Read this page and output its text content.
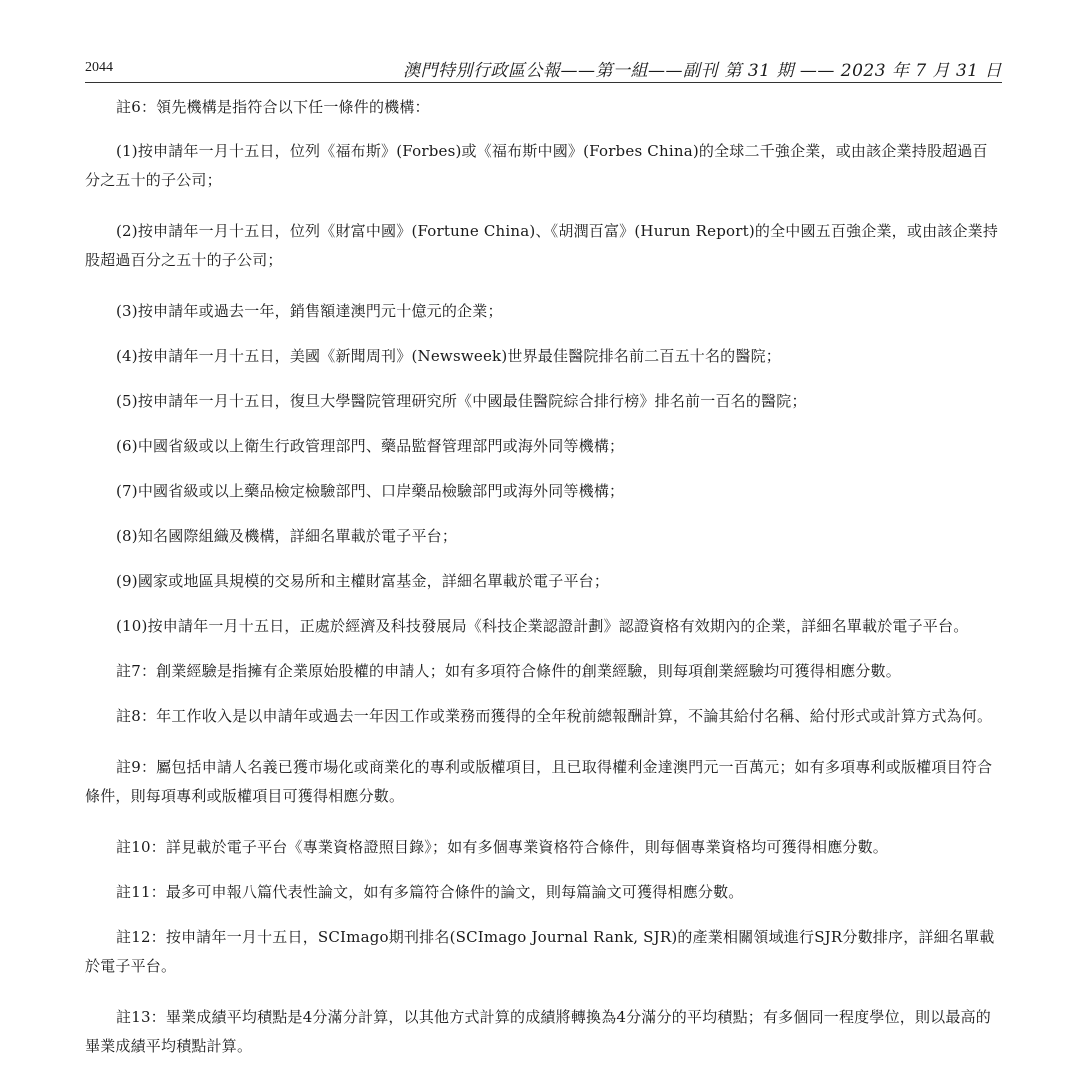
2044	澳門特別行政區公報——第一組——副刊 第 31 期 —— 2023 年 7 月 31 日

註6：領先機構是指符合以下任一條件的機構：

(1)按申請年一月十五日，位列《福布斯》(Forbes)或《福布斯中國》(Forbes China)的全球二千強企業，或由該企業持股超過百分之五十的子公司；

(2)按申請年一月十五日，位列《財富中國》(Fortune China)、《胡潤百富》(Hurun Report)的全中國五百強企業，或由該企業持股超過百分之五十的子公司；

(3)按申請年或過去一年，銷售額達澳門元十億元的企業；

(4)按申請年一月十五日，美國《新聞周刊》(Newsweek)世界最佳醫院排名前二百五十名的醫院；

(5)按申請年一月十五日，復旦大學醫院管理研究所《中國最佳醫院綜合排行榜》排名前一百名的醫院；

(6)中國省級或以上衛生行政管理部門、藥品監督管理部門或海外同等機構；

(7)中國省級或以上藥品檢定檢驗部門、口岸藥品檢驗部門或海外同等機構；

(8)知名國際組織及機構，詳細名單載於電子平台；

(9)國家或地區具規模的交易所和主權財富基金，詳細名單載於電子平台；

(10)按申請年一月十五日，正處於經濟及科技發展局《科技企業認證計劃》認證資格有效期內的企業，詳細名單載於電子平台。

註7：創業經驗是指擁有企業原始股權的申請人；如有多項符合條件的創業經驗，則每項創業經驗均可獲得相應分數。

註8：年工作收入是以申請年或過去一年因工作或業務而獲得的全年稅前總報酬計算，不論其給付名稱、給付形式或計算方式為何。

註9：屬包括申請人名義已獲市場化或商業化的專利或版權項目，且已取得權利金達澳門元一百萬元；如有多項專利或版權項目符合條件，則每項專利或版權項目可獲得相應分數。

註10：詳見載於電子平台《專業資格證照目錄》；如有多個專業資格符合條件，則每個專業資格均可獲得相應分數。

註11：最多可申報八篇代表性論文，如有多篇符合條件的論文，則每篇論文可獲得相應分數。

註12：按申請年一月十五日，SCImago期刊排名(SCImago Journal Rank, SJR)的產業相關領域進行SJR分數排序，詳細名單載於電子平台。

註13：畢業成績平均積點是4分滿分計算，以其他方式計算的成績將轉換為4分滿分的平均積點；有多個同一程度學位，則以最高的畢業成績平均積點計算。
